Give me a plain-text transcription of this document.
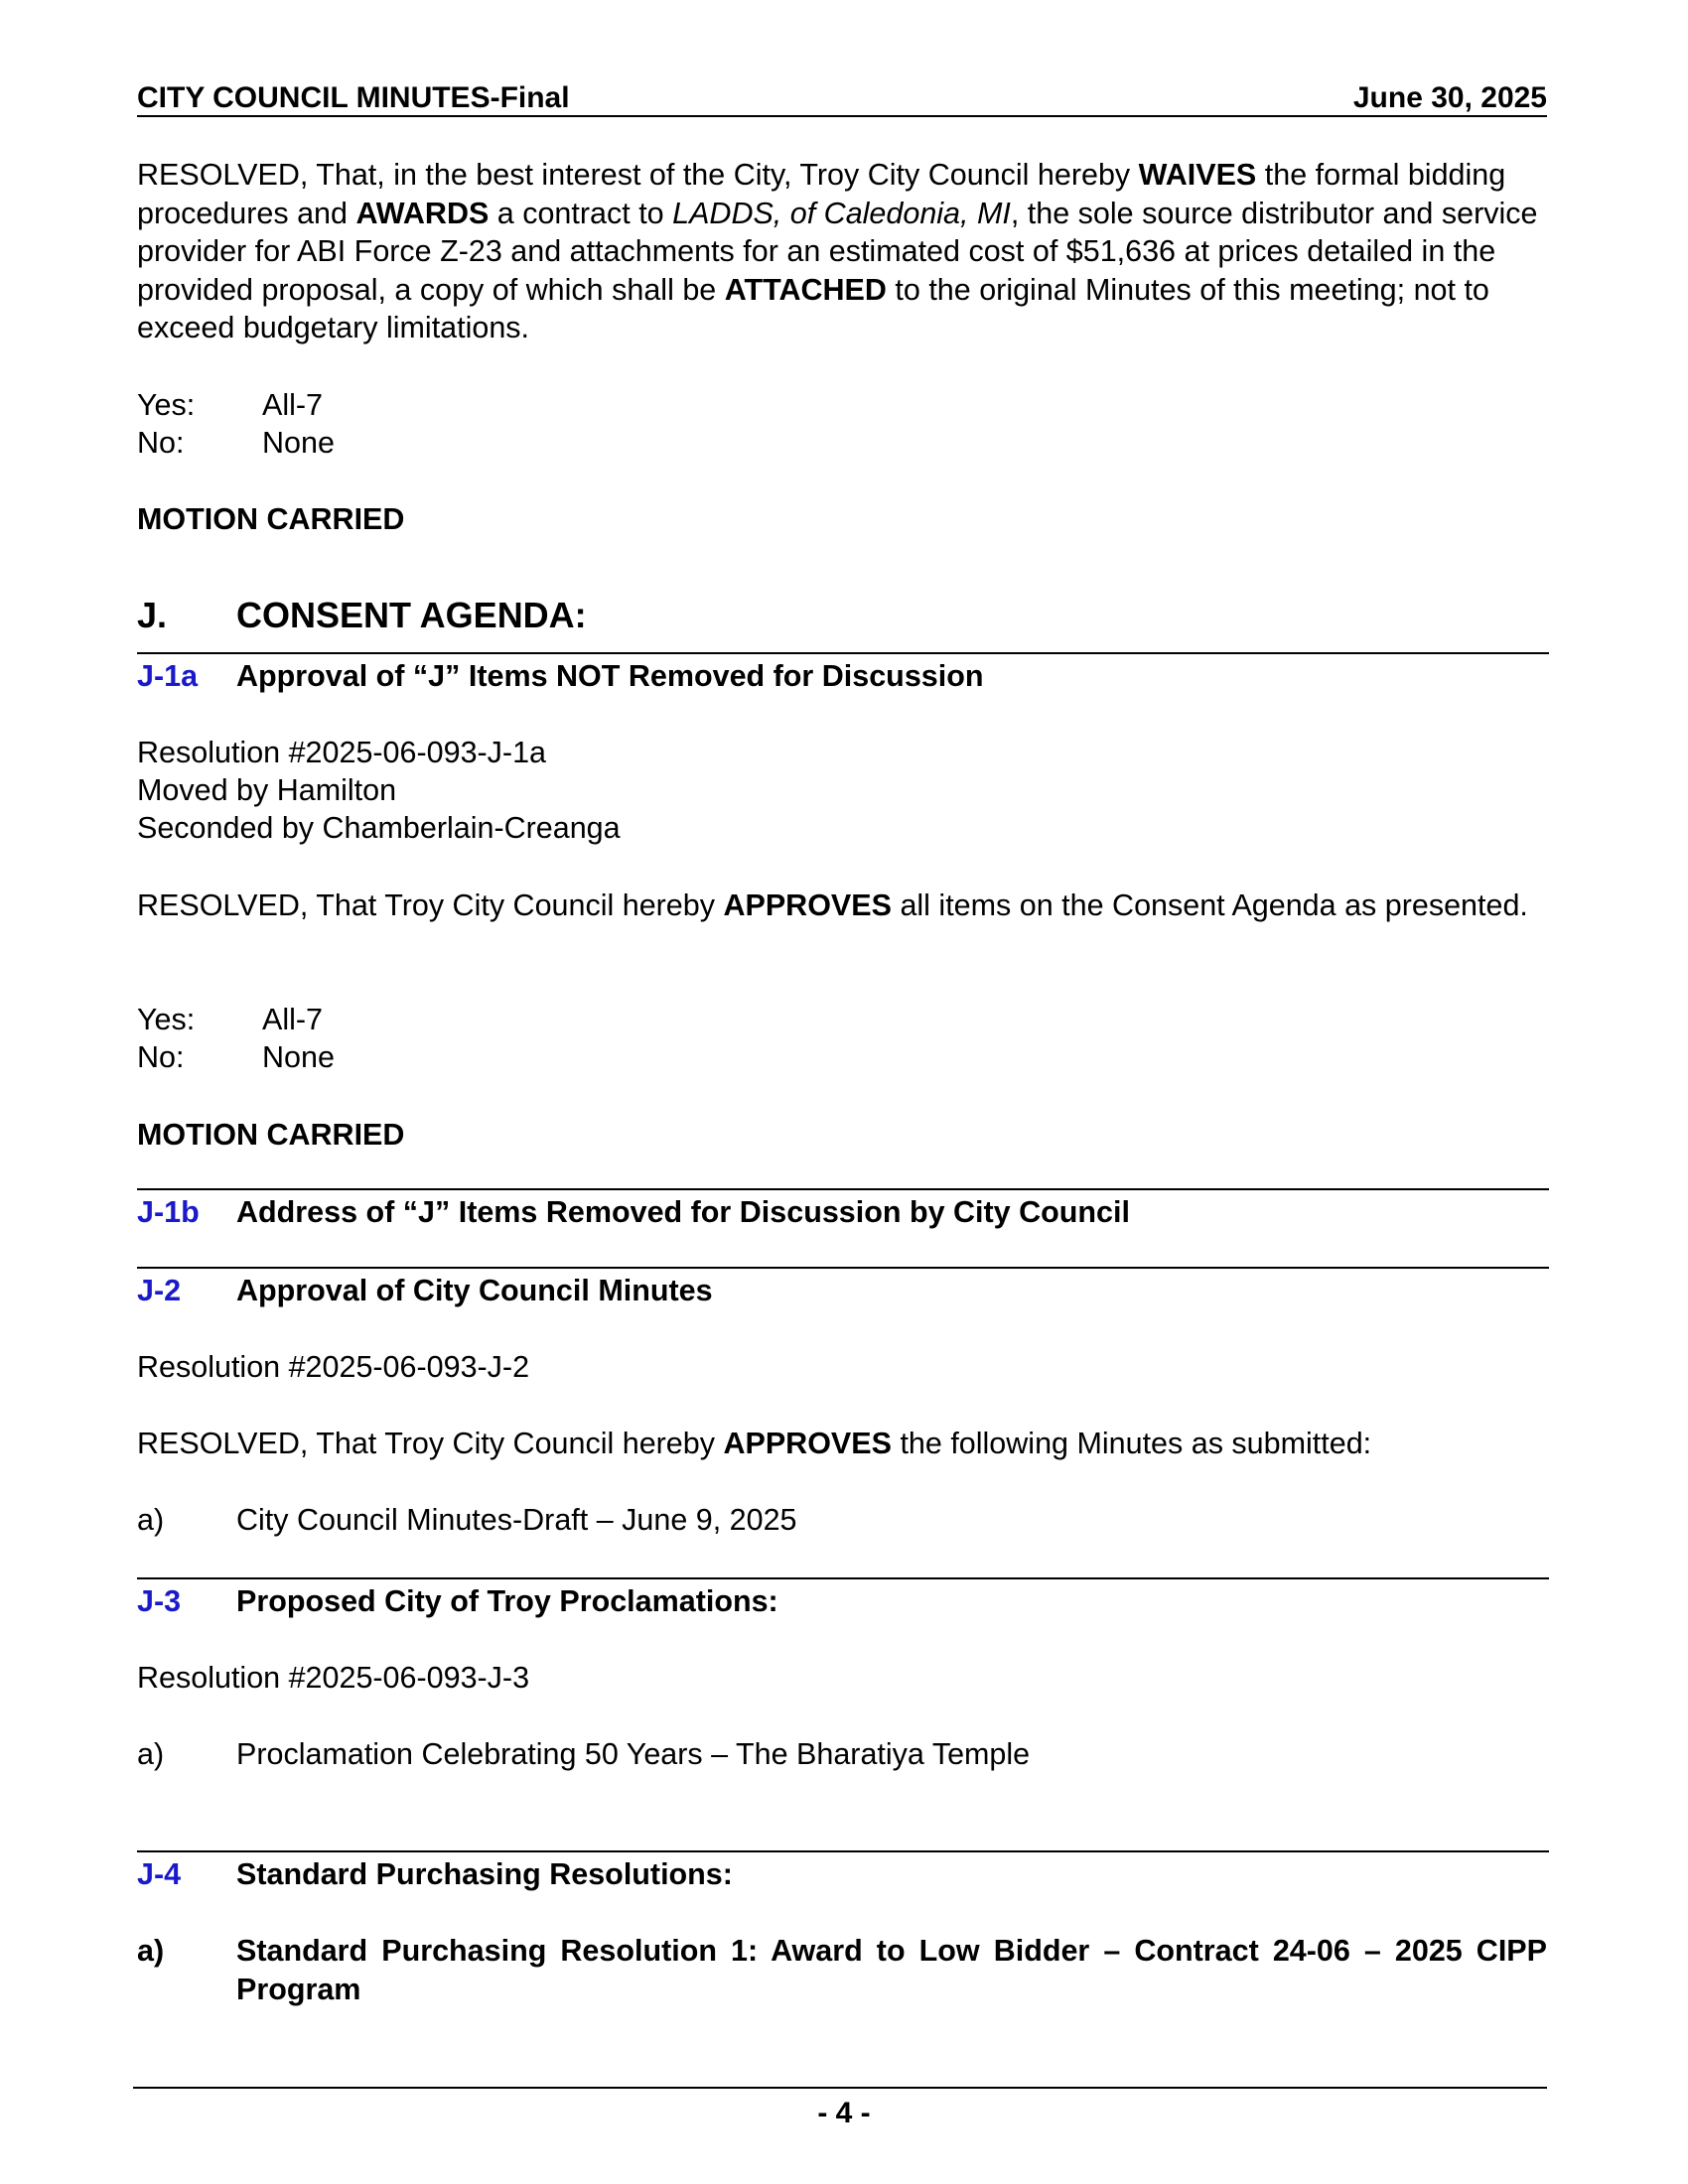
CITY COUNCIL MINUTES-Final	June 30, 2025
RESOLVED, That, in the best interest of the City, Troy City Council hereby WAIVES the formal bidding procedures and AWARDS a contract to LADDS, of Caledonia, MI, the sole source distributor and service provider for ABI Force Z-23 and attachments for an estimated cost of $51,636 at prices detailed in the provided proposal, a copy of which shall be ATTACHED to the original Minutes of this meeting; not to exceed budgetary limitations.
Yes: All-7
No:	None
MOTION CARRIED
J. CONSENT AGENDA:
J-1a Approval of “J” Items NOT Removed for Discussion
Resolution #2025-06-093-J-1a
Moved by Hamilton
Seconded by Chamberlain-Creanga
RESOLVED, That Troy City Council hereby APPROVES all items on the Consent Agenda as presented.
Yes: All-7
No:	None
MOTION CARRIED
J-1b Address of “J” Items Removed for Discussion by City Council
J-2 Approval of City Council Minutes
Resolution #2025-06-093-J-2
RESOLVED, That Troy City Council hereby APPROVES the following Minutes as submitted:
a) City Council Minutes-Draft – June 9, 2025
J-3 Proposed City of Troy Proclamations:
Resolution #2025-06-093-J-3
a) Proclamation Celebrating 50 Years – The Bharatiya Temple
J-4 Standard Purchasing Resolutions:
a) Standard Purchasing Resolution 1: Award to Low Bidder – Contract 24-06 – 2025 CIPP Program
- 4 -
